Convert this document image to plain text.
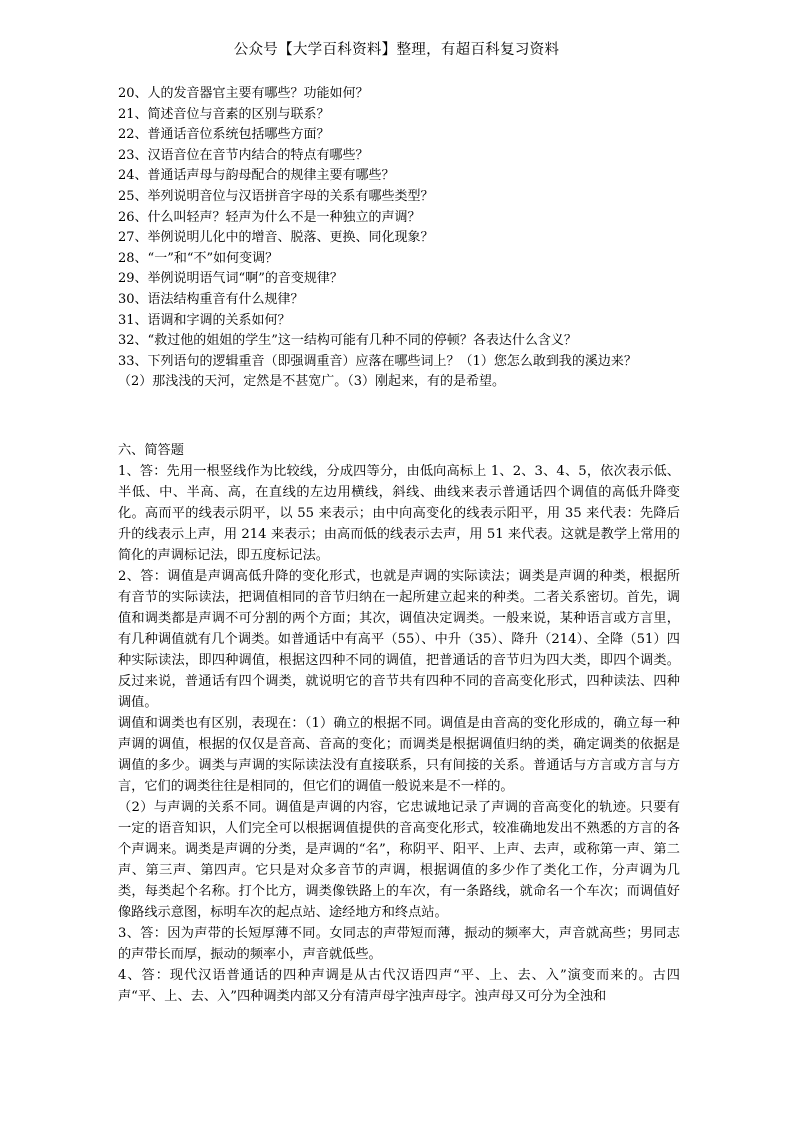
公众号【大学百科资料】整理，有超百科复习资料
20、人的发音器官主要有哪些？功能如何？
21、简述音位与音素的区别与联系？
22、普通话音位系统包括哪些方面？
23、汉语音位在音节内结合的特点有哪些？
24、普通话声母与韵母配合的规律主要有哪些？
25、举列说明音位与汉语拼音字母的关系有哪些类型？
26、什么叫轻声？轻声为什么不是一种独立的声调？
27、举例说明儿化中的增音、脱落、更换、同化现象？
28、“一”和“不”如何变调？
29、举例说明语气词“啊”的音变规律？
30、语法结构重音有什么规律？
31、语调和字调的关系如何？
32、“救过他的姐姐的学生”这一结构可能有几种不同的停顿？各表达什么含义？
33、下列语句的逻辑重音（即强调重音）应落在哪些词上？（1）您怎么敢到我的溪边来？
（2）那浅浅的天河，定然是不甚宽广。（3）刚起来，有的是希望。

六、简答题

1、答：先用一根竖线作为比较线，分成四等分，由低向高标上 1、2、3、4、5，依次表示低、半低、中、半高、高，在直线的左边用横线，斜线、曲线来表示普通话四个调值的高低升降变化。高而平的线表示阴平，以 55 来表示；由中向高变化的线表示阳平，用 35 来代表：先降后升的线表示上声，用 214 来表示；由高而低的线表示去声，用 51 来代表。这就是教学上常用的简化的声调标记法，即五度标记法。

2、答：调值是声调高低升降的变化形式，也就是声调的实际读法；调类是声调的种类，根据所有音节的实际读法，把调值相同的音节归纳在一起所建立起来的种类。二者关系密切。首先，调值和调类都是声调不可分割的两个方面；其次，调值决定调类。一般来说，某种语言或方言里，有几种调值就有几个调类。如普通话中有高平（55）、中升（35）、降升（214）、全降（51）四种实际读法，即四种调值，根据这四种不同的调值，把普通话的音节归为四大类，即四个调类。反过来说，普通话有四个调类，就说明它的音节共有四种不同的音高变化形式，四种读法、四种调值。

调值和调类也有区别，表现在：（1）确立的根据不同。调值是由音高的变化形成的，确立每一种声调的调值，根据的仅仅是音高、音高的变化；而调类是根据调值归纳的类，确定调类的依据是调值的多少。调类与声调的实际读法没有直接联系，只有间接的关系。普通话与方言或方言与方言，它们的调类往往是相同的，但它们的调值一般说来是不一样的。

（2）与声调的关系不同。调值是声调的内容，它忠诚地记录了声调的音高变化的轨迹。只要有一定的语音知识，人们完全可以根据调值提供的音高变化形式，较准确地发出不熟悉的方言的各个声调来。调类是声调的分类，是声调的“名”，称阴平、阳平、上声、去声，或称第一声、第二声、第三声、第四声。它只是对众多音节的声调，根据调值的多少作了类化工作，分声调为几类，每类起个名称。打个比方，调类像铁路上的车次，有一条路线，就命名一个车次；而调值好像路线示意图，标明车次的起点站、途经地方和终点站。

3、答：因为声带的长短厚薄不同。女同志的声带短而薄，振动的频率大，声音就高些；男同志的声带长而厚，振动的频率小，声音就低些。

4、答：现代汉语普通话的四种声调是从古代汉语四声“平、上、去、入”演变而来的。古四声“平、上、去、入”四种调类内部又分有清声母字浊声母字。浊声母又可分为全浊和
